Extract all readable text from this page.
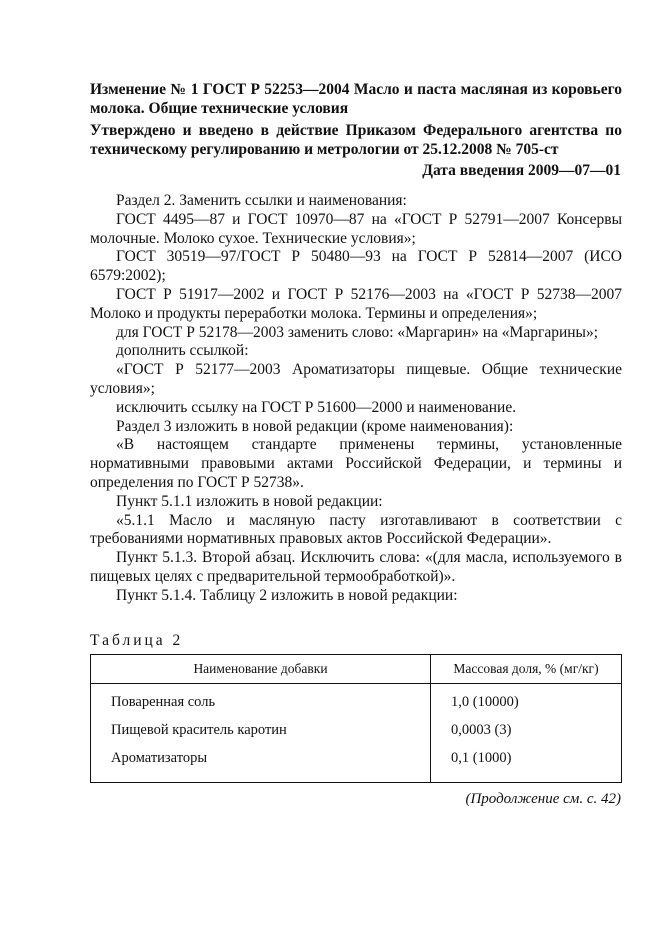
Изменение № 1 ГОСТ Р 52253—2004 Масло и паста масляная из коровьего молока. Общие технические условия

Утверждено и введено в действие Приказом Федерального агентства по техническому регулированию и метрологии от 25.12.2008 № 705-ст

Дата введения 2009—07—01

Раздел 2. Заменить ссылки и наименования:

ГОСТ 4495—87 и ГОСТ 10970—87 на «ГОСТ Р 52791—2007 Консервы молочные. Молоко сухое. Технические условия»;

ГОСТ 30519—97/ГОСТ Р 50480—93 на ГОСТ Р 52814—2007 (ИСО 6579:2002);

ГОСТ Р 51917—2002 и ГОСТ Р 52176—2003 на «ГОСТ Р 52738—2007 Молоко и продукты переработки молока. Термины и определения»;

для ГОСТ Р 52178—2003 заменить слово: «Маргарин» на «Маргарины»;

дополнить ссылкой:

«ГОСТ Р 52177—2003 Ароматизаторы пищевые. Общие технические условия»;

исключить ссылку на ГОСТ Р 51600—2000 и наименование.

Раздел 3 изложить в новой редакции (кроме наименования):

«В настоящем стандарте применены термины, установленные нормативными правовыми актами Российской Федерации, и термины и определения по ГОСТ Р 52738».

Пункт 5.1.1 изложить в новой редакции:

«5.1.1 Масло и масляную пасту изготавливают в соответствии с требованиями нормативных правовых актов Российской Федерации».

Пункт 5.1.3. Второй абзац. Исключить слова: «(для масла, используемого в пищевых целях с предварительной термообработкой)».

Пункт 5.1.4. Таблицу 2 изложить в новой редакции:

Таблица 2

Наименование добавки	Массовая доля, % (мг/кг)

Поваренная соль	1,0 (10000)
Пищевой краситель каротин	0,0003 (3)
Ароматизаторы	0,1 (1000)

(Продолжение см. с. 42)
